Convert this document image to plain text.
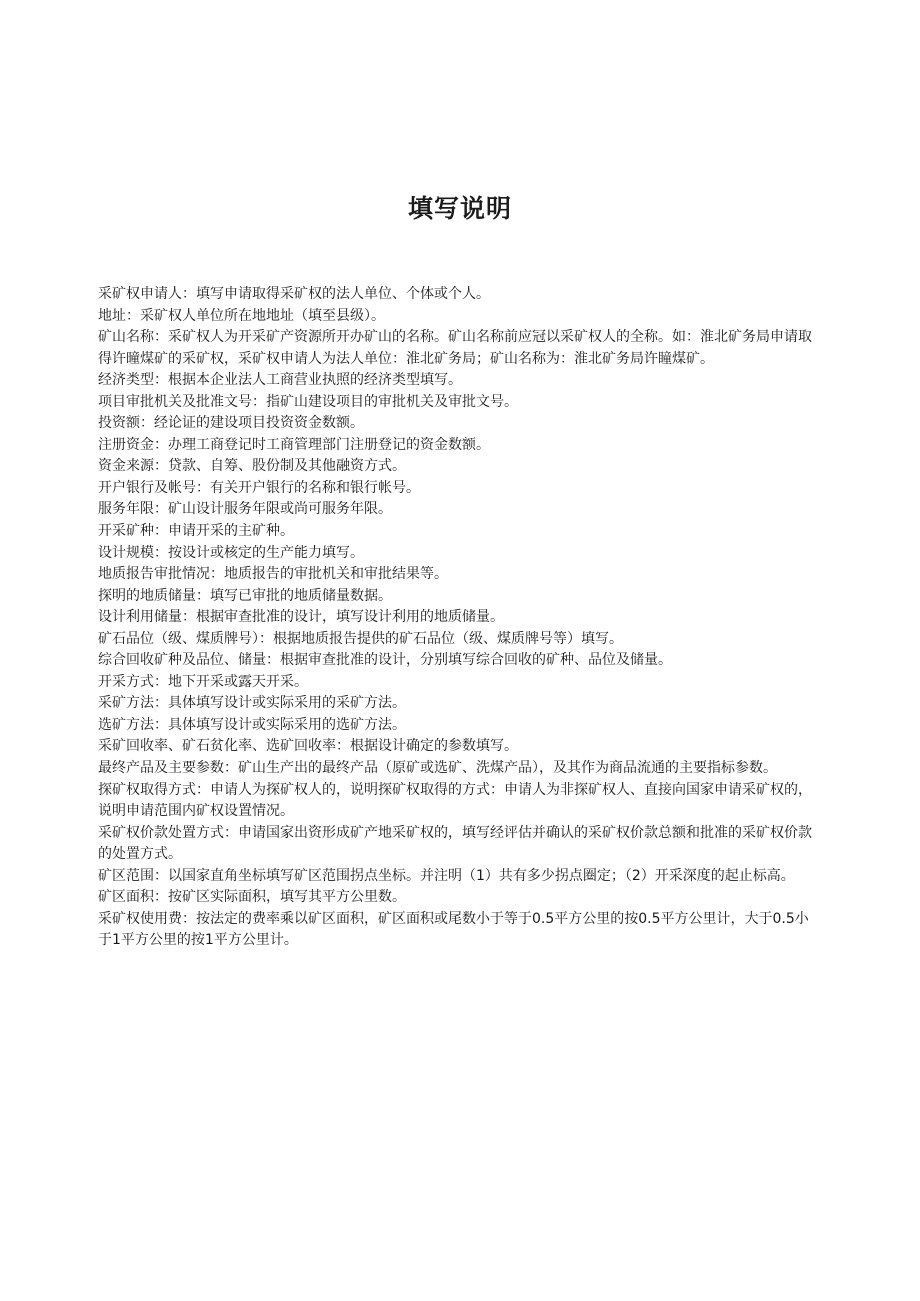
填写说明

采矿权申请人：填写申请取得采矿权的法人单位、个体或个人。

地址：采矿权人单位所在地地址（填至县级）。

矿山名称：采矿权人为开采矿产资源所开办矿山的名称。矿山名称前应冠以采矿权人的全称。如：淮北矿务局申请取得许曈煤矿的采矿权，采矿权申请人为法人单位：淮北矿务局；矿山名称为：淮北矿务局许瞳煤矿。

经济类型：根据本企业法人工商营业执照的经济类型填写。

项目审批机关及批准文号：指矿山建设项目的审批机关及审批文号。

投资额：经论证的建设项目投资资金数额。

注册资金：办理工商登记时工商管理部门注册登记的资金数额。

资金来源：贷款、自筹、股份制及其他融资方式。

开户银行及帐号：有关开户银行的名称和银行帐号。

服务年限：矿山设计服务年限或尚可服务年限。

开采矿种：申请开采的主矿种。

设计规模：按设计或核定的生产能力填写。

地质报告审批情况：地质报告的审批机关和审批结果等。

探明的地质储量：填写已审批的地质储量数据。

设计利用储量：根据审查批准的设计，填写设计利用的地质储量。

矿石品位（级、煤质牌号）：根据地质报告提供的矿石品位（级、煤质牌号等）填写。

综合回收矿种及品位、储量：根据审查批准的设计，分别填写综合回收的矿种、品位及储量。

开采方式：地下开采或露天开采。

采矿方法：具体填写设计或实际采用的采矿方法。

选矿方法：具体填写设计或实际采用的选矿方法。

采矿回收率、矿石贫化率、选矿回收率：根据设计确定的参数填写。

最终产品及主要参数：矿山生产出的最终产品（原矿或选矿、洗煤产品），及其作为商品流通的主要指标参数。

探矿权取得方式：申请人为探矿权人的，说明探矿权取得的方式：申请人为非探矿权人、直接向国家申请采矿权的，说明申请范围内矿权设置情况。

采矿权价款处置方式：申请国家出资形成矿产地采矿权的，填写经评估并确认的采矿权价款总额和批准的采矿权价款的处置方式。

矿区范围：以国家直角坐标填写矿区范围拐点坐标。并注明（1）共有多少拐点圈定；（2）开采深度的起止标高。

矿区面积：按矿区实际面积，填写其平方公里数。

采矿权使用费：按法定的费率乘以矿区面积，矿区面积或尾数小于等于0.5平方公里的按0.5平方公里计，大于0.5小于1平方公里的按1平方公里计。
